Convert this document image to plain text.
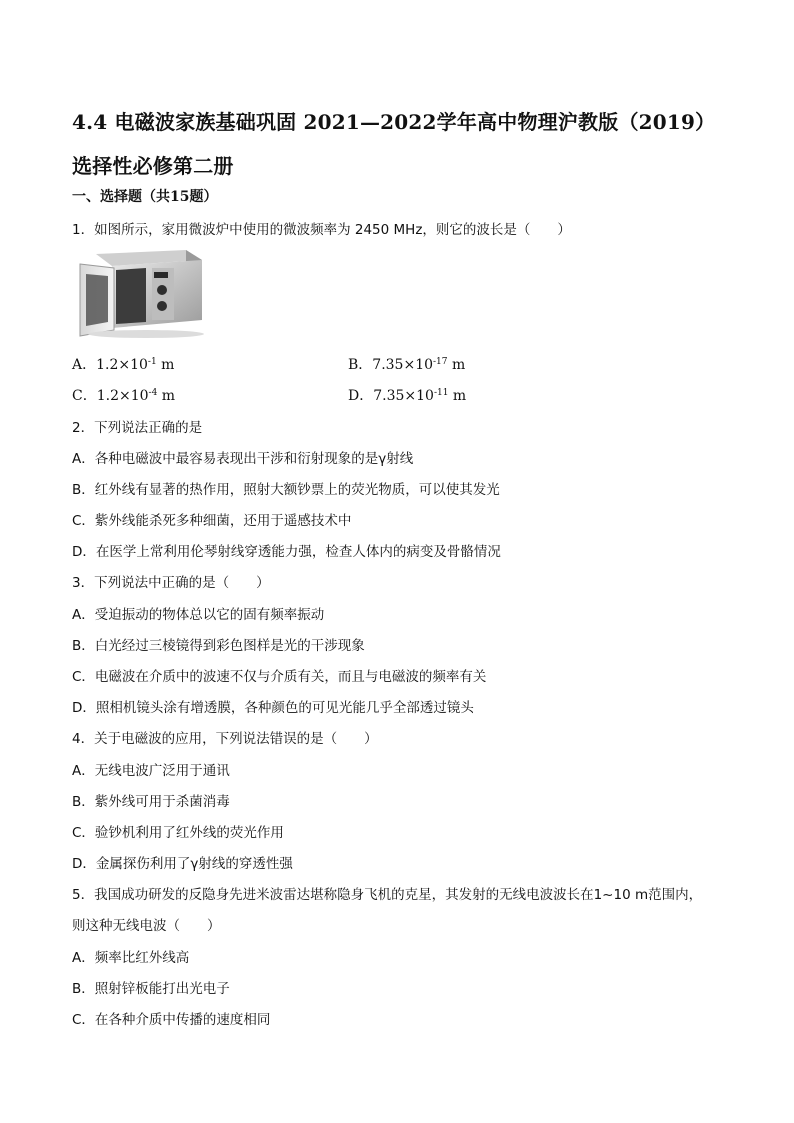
4.4 电磁波家族基础巩固 2021—2022学年高中物理沪教版（2019）选择性必修第二册
一、选择题（共15题）
1．如图所示，家用微波炉中使用的微波频率为 2450 MHz，则它的波长是（　　）
A．$1.2\times 10^{-1}$ m	B．$7.35\times 10^{-17}$ m
C．$1.2\times 10^{-4}$ m	D．$7.35\times 10^{-11}$ m
2．下列说法正确的是
A．各种电磁波中最容易表现出干涉和衍射现象的是γ射线
B．红外线有显著的热作用，照射大额钞票上的荧光物质，可以使其发光
C．紫外线能杀死多种细菌，还用于遥感技术中
D．在医学上常利用伦琴射线穿透能力强，检查人体内的病变及骨骼情况
3．下列说法中正确的是（　　）
A．受迫振动的物体总以它的固有频率振动
B．白光经过三棱镜得到彩色图样是光的干涉现象
C．电磁波在介质中的波速不仅与介质有关，而且与电磁波的频率有关
D．照相机镜头涂有增透膜，各种颜色的可见光能几乎全部透过镜头
4．关于电磁波的应用，下列说法错误的是（　　）
A．无线电波广泛用于通讯
B．紫外线可用于杀菌消毒
C．验钞机利用了红外线的荧光作用
D．金属探伤利用了γ射线的穿透性强
5．我国成功研发的反隐身先进米波雷达堪称隐身飞机的克星，其发射的无线电波波长在1~10 m范围内，
则这种无线电波（　　）
A．频率比红外线高
B．照射锌板能打出光电子
C．在各种介质中传播的速度相同
